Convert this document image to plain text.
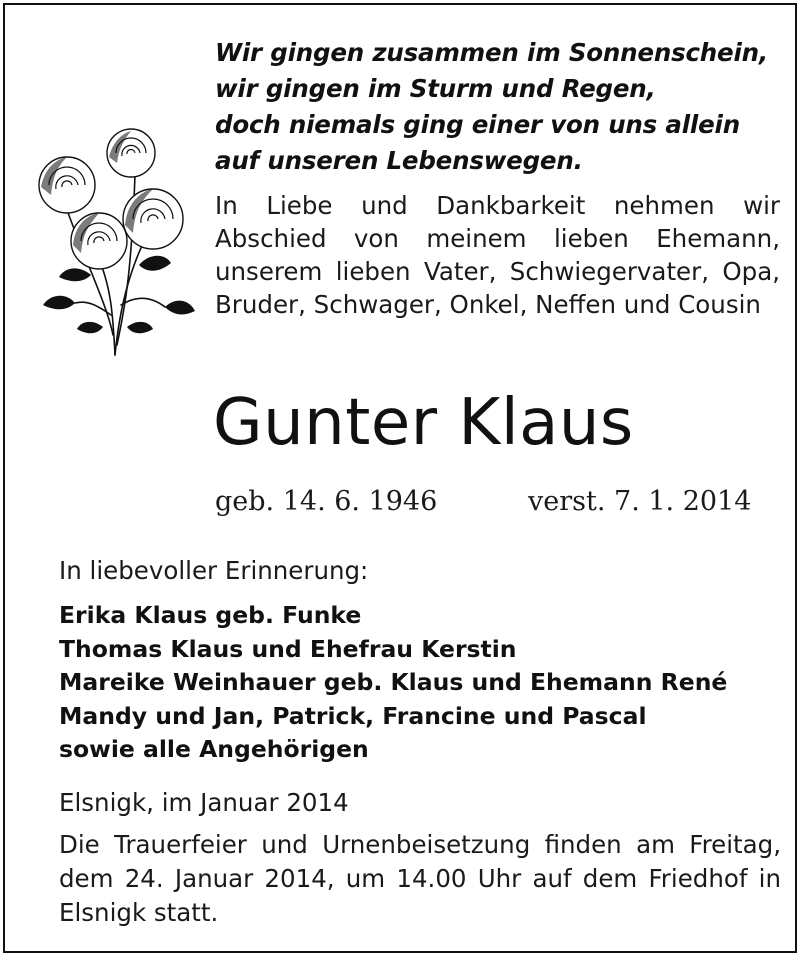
Wir gingen zusammen im Sonnenschein,
wir gingen im Sturm und Regen,
doch niemals ging einer von uns allein
auf unseren Lebenswegen.
In Liebe und Dankbarkeit nehmen wir Abschied von meinem lieben Ehemann, unserem lieben Vater, Schwiegervater, Opa, Bruder, Schwager, Onkel, Neffen und Cousin
Gunter Klaus
geb. 14. 6. 1946	verst. 7. 1. 2014
In liebevoller Erinnerung:
Erika Klaus geb. Funke
Thomas Klaus und Ehefrau Kerstin
Mareike Weinhauer geb. Klaus und Ehemann René
Mandy und Jan, Patrick, Francine und Pascal
sowie alle Angehörigen
Elsnigk, im Januar 2014
Die Trauerfeier und Urnenbeisetzung finden am Freitag, dem 24. Januar 2014, um 14.00 Uhr auf dem Friedhof in Elsnigk statt.
